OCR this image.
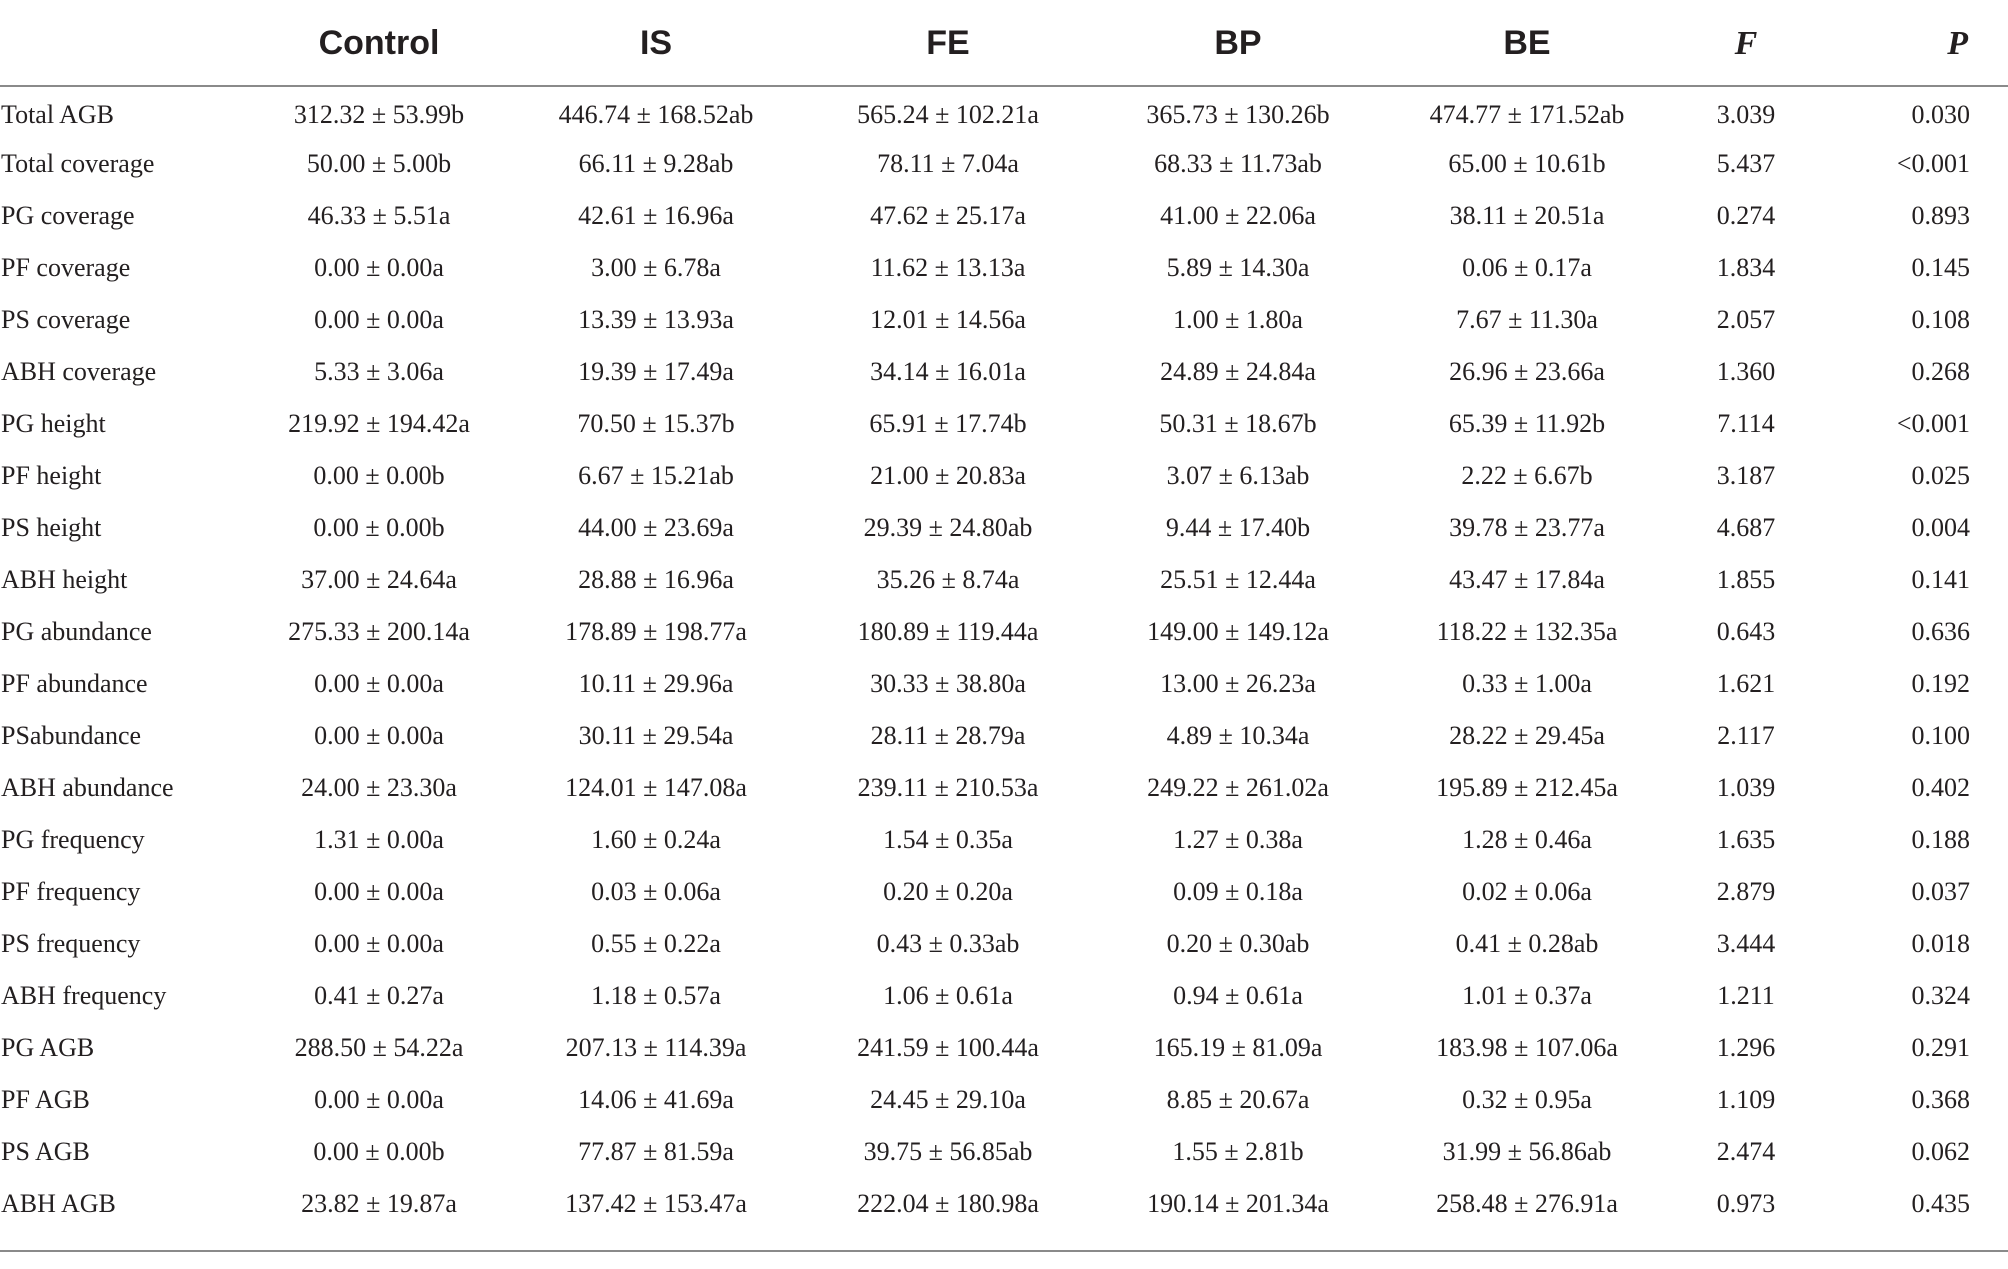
	Control	IS	FE	BP	BE	F	P
Total AGB	312.32 ± 53.99b	446.74 ± 168.52ab	565.24 ± 102.21a	365.73 ± 130.26b	474.77 ± 171.52ab	3.039	0.030
Total coverage	50.00 ± 5.00b	66.11 ± 9.28ab	78.11 ± 7.04a	68.33 ± 11.73ab	65.00 ± 10.61b	5.437	<0.001
PG coverage	46.33 ± 5.51a	42.61 ± 16.96a	47.62 ± 25.17a	41.00 ± 22.06a	38.11 ± 20.51a	0.274	0.893
PF coverage	0.00 ± 0.00a	3.00 ± 6.78a	11.62 ± 13.13a	5.89 ± 14.30a	0.06 ± 0.17a	1.834	0.145
PS coverage	0.00 ± 0.00a	13.39 ± 13.93a	12.01 ± 14.56a	1.00 ± 1.80a	7.67 ± 11.30a	2.057	0.108
ABH coverage	5.33 ± 3.06a	19.39 ± 17.49a	34.14 ± 16.01a	24.89 ± 24.84a	26.96 ± 23.66a	1.360	0.268
PG height	219.92 ± 194.42a	70.50 ± 15.37b	65.91 ± 17.74b	50.31 ± 18.67b	65.39 ± 11.92b	7.114	<0.001
PF height	0.00 ± 0.00b	6.67 ± 15.21ab	21.00 ± 20.83a	3.07 ± 6.13ab	2.22 ± 6.67b	3.187	0.025
PS height	0.00 ± 0.00b	44.00 ± 23.69a	29.39 ± 24.80ab	9.44 ± 17.40b	39.78 ± 23.77a	4.687	0.004
ABH height	37.00 ± 24.64a	28.88 ± 16.96a	35.26 ± 8.74a	25.51 ± 12.44a	43.47 ± 17.84a	1.855	0.141
PG abundance	275.33 ± 200.14a	178.89 ± 198.77a	180.89 ± 119.44a	149.00 ± 149.12a	118.22 ± 132.35a	0.643	0.636
PF abundance	0.00 ± 0.00a	10.11 ± 29.96a	30.33 ± 38.80a	13.00 ± 26.23a	0.33 ± 1.00a	1.621	0.192
PSabundance	0.00 ± 0.00a	30.11 ± 29.54a	28.11 ± 28.79a	4.89 ± 10.34a	28.22 ± 29.45a	2.117	0.100
ABH abundance	24.00 ± 23.30a	124.01 ± 147.08a	239.11 ± 210.53a	249.22 ± 261.02a	195.89 ± 212.45a	1.039	0.402
PG frequency	1.31 ± 0.00a	1.60 ± 0.24a	1.54 ± 0.35a	1.27 ± 0.38a	1.28 ± 0.46a	1.635	0.188
PF frequency	0.00 ± 0.00a	0.03 ± 0.06a	0.20 ± 0.20a	0.09 ± 0.18a	0.02 ± 0.06a	2.879	0.037
PS frequency	0.00 ± 0.00a	0.55 ± 0.22a	0.43 ± 0.33ab	0.20 ± 0.30ab	0.41 ± 0.28ab	3.444	0.018
ABH frequency	0.41 ± 0.27a	1.18 ± 0.57a	1.06 ± 0.61a	0.94 ± 0.61a	1.01 ± 0.37a	1.211	0.324
PG AGB	288.50 ± 54.22a	207.13 ± 114.39a	241.59 ± 100.44a	165.19 ± 81.09a	183.98 ± 107.06a	1.296	0.291
PF AGB	0.00 ± 0.00a	14.06 ± 41.69a	24.45 ± 29.10a	8.85 ± 20.67a	0.32 ± 0.95a	1.109	0.368
PS AGB	0.00 ± 0.00b	77.87 ± 81.59a	39.75 ± 56.85ab	1.55 ± 2.81b	31.99 ± 56.86ab	2.474	0.062
ABH AGB	23.82 ± 19.87a	137.42 ± 153.47a	222.04 ± 180.98a	190.14 ± 201.34a	258.48 ± 276.91a	0.973	0.435
